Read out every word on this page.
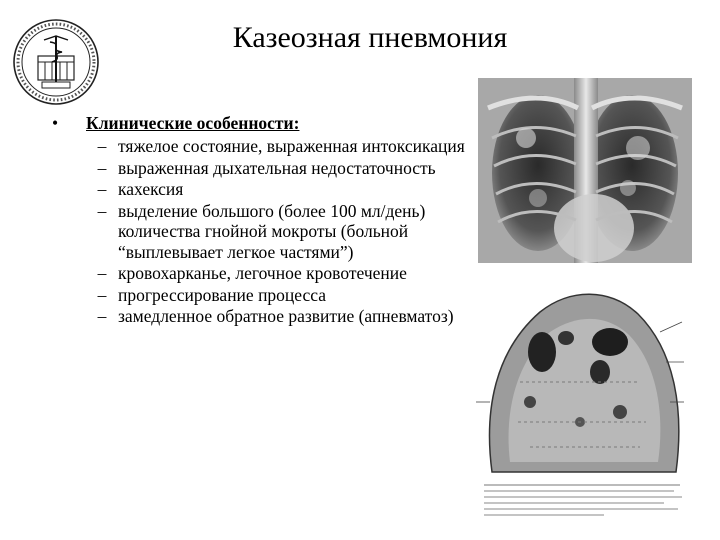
Казеозная пневмония
•	Клинические особенности:
– тяжелое состояние, выраженная интоксикация
– выраженная дыхательная недостаточность
– кахексия
– выделение большого (более 100 мл/день) количества гнойной мокроты (больной “выплевывает легкое частями”)
– кровохарканье, легочное кровотечение
– прогрессирование процесса
– замедленное обратное развитие (апневматоз)
